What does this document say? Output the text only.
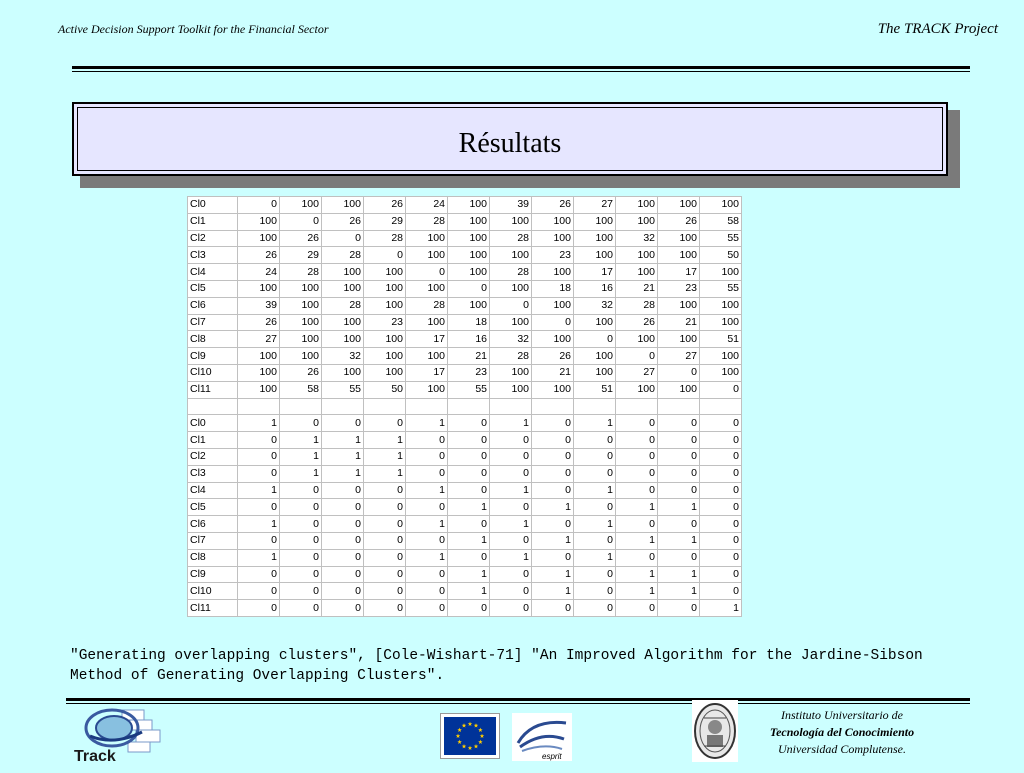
Active Decision Support Toolkit for the Financial Sector	The TRACK Project
Résultats
Cl0	0	100	100	26	24	100	39	26	27	100	100	100
Cl1	100	0	26	29	28	100	100	100	100	100	26	58
Cl2	100	26	0	28	100	100	28	100	100	32	100	55
Cl3	26	29	28	0	100	100	100	23	100	100	100	50
Cl4	24	28	100	100	0	100	28	100	17	100	17	100
Cl5	100	100	100	100	100	0	100	18	16	21	23	55
Cl6	39	100	28	100	28	100	0	100	32	28	100	100
Cl7	26	100	100	23	100	18	100	0	100	26	21	100
Cl8	27	100	100	100	17	16	32	100	0	100	100	51
Cl9	100	100	32	100	100	21	28	26	100	0	27	100
Cl10	100	26	100	100	17	23	100	21	100	27	0	100
Cl11	100	58	55	50	100	55	100	100	51	100	100	0

Cl0	1	0	0	0	1	0	1	0	1	0	0	0
Cl1	0	1	1	1	0	0	0	0	0	0	0	0
Cl2	0	1	1	1	0	0	0	0	0	0	0	0
Cl3	0	1	1	1	0	0	0	0	0	0	0	0
Cl4	1	0	0	0	1	0	1	0	1	0	0	0
Cl5	0	0	0	0	0	1	0	1	0	1	1	0
Cl6	1	0	0	0	1	0	1	0	1	0	0	0
Cl7	0	0	0	0	0	1	0	1	0	1	1	0
Cl8	1	0	0	0	1	0	1	0	1	0	0	0
Cl9	0	0	0	0	0	1	0	1	0	1	1	0
Cl10	0	0	0	0	0	1	0	1	0	1	1	0
Cl11	0	0	0	0	0	0	0	0	0	0	0	1
"Generating overlapping clusters", [Cole-Wishart-71] "An Improved Algorithm for the Jardine-Sibson Method of Generating Overlapping Clusters".
Track	esprit
Instituto Universitario de
Tecnología del Conocimiento
Universidad Complutense.
